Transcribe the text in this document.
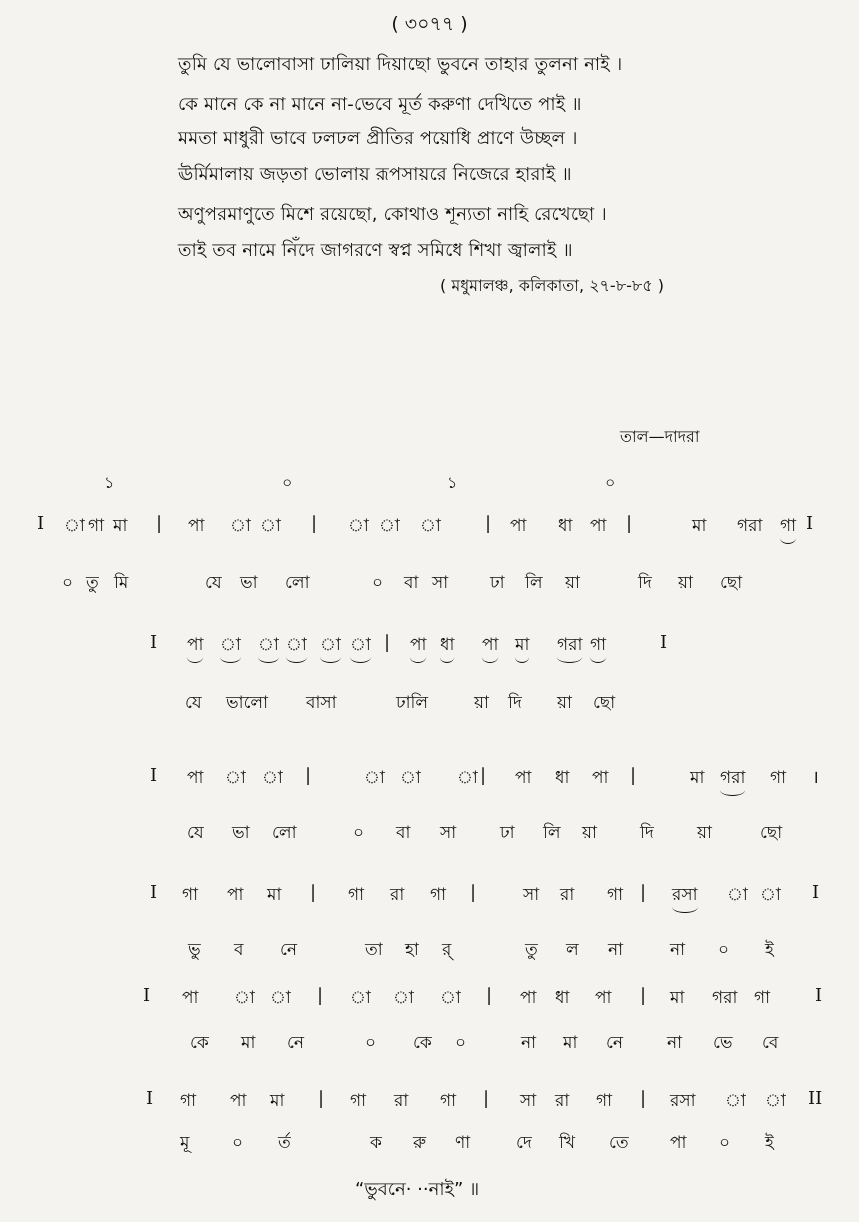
( ৩০৭৭ )
তুমি যে ভালোবাসা ঢালিয়া দিয়াছো ভুবনে তাহার তুলনা নাই ।
কে মানে কে না মানে না-ভেবে মূর্ত করুণা দেখিতে পাই ॥
মমতা মাধুরী ভাবে ঢলঢল প্রীতির পয়োধি প্রাণে উচ্ছল ।
ঊর্মিমালায় জড়তা ভোলায় রূপসায়রে নিজেরে হারাই ॥
অণুপরমাণুতে মিশে রয়েছো, কোথাও শূন্যতা নাহি রেখেছো ।
তাই তব নামে নিঁদে জাগরণে স্বপ্ন সমিধে শিখা জ্বালাই ॥
( মধুমালঞ্চ, কলিকাতা, ২৭-৮-৮৫ )
তাল—দাদরা
১	০	১	০
I া গা মা | পা া া | া া া | পা ধা পা |	মা গরা গা I
০ তু মি	যে ভা লো	০ বা সা ঢা লি য়া	দি য়া ছো
I পা া া া া া | পা ধা পা মা গরা গা	I
যে ভালো বাসা	ঢালি	য়া দি য়া ছো
I পা া া |	া া া | পা ধা পা |	মা গরা গা ।
যে ভা লো	০ বা সা	ঢা লি য়া	দি	য়া	ছো
I গা পা মা | গা রা গা |	সা রা গা | রসা া া I
ভু ব নে	তা হা র্	তু ল না	না ০ ই
I পা া া | া া া | পা ধা পা | মা গরা গা I
কে মা নে	০ কে ০	না মা নে	না ভে বে
I গা পা মা | গা রা গা | সা রা গা | রসা া া II
মূ	০ র্ত	ক রু ণা	দে খি তে পা ০ ই
“ভুবনে· ··নাই” ॥
